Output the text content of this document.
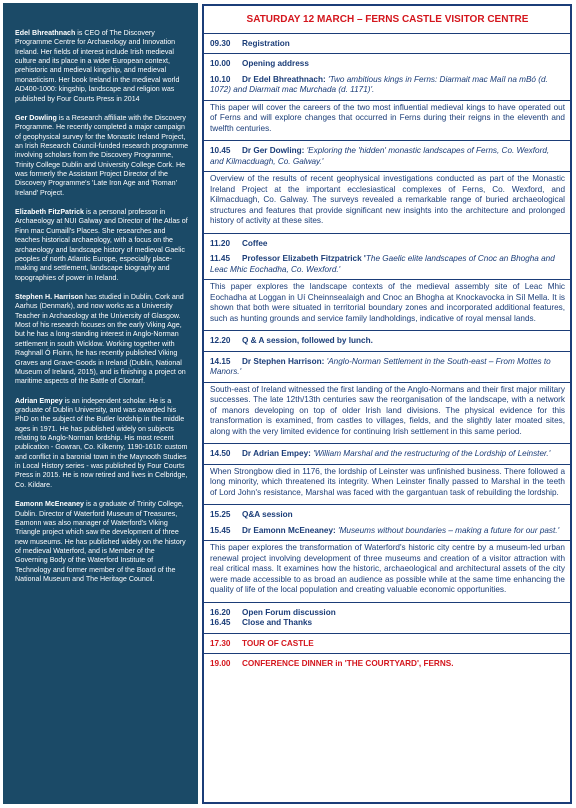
Edel Bhreathnach is CEO of The Discovery Programme Centre for Archaeology and Innovation Ireland. Her fields of interest include Irish medieval culture and its place in a wider European context, prehistoric and medieval kingship, and medieval monasticism. Her book Ireland in the medieval world AD400-1000: kingship, landscape and religion was published by Four Courts Press in 2014
Ger Dowling is a Research affiliate with the Discovery Programme. He recently completed a major campaign of geophysical survey for the Monastic Ireland Project, an Irish Research Council-funded research programme involving scholars from the Discovery Programme, Trinity College Dublin and University College Cork. He was formerly the Assistant Project Director of the Discovery Programme's 'Late Iron Age and 'Roman' Ireland' Project.
Elizabeth FitzPatrick is a personal professor in Archaeology at NUI Galway and Director of the Atlas of Finn mac Cumaill's Places. She researches and teaches historical archaeology, with a focus on the archaeology and landscape history of medieval Gaelic peoples of north Atlantic Europe, especially place-making and settlement, landscape biography and topographies of power in Ireland.
Stephen H. Harrison has studied in Dublin, Cork and Aarhus (Denmark), and now works as a University Teacher in Archaeology at the University of Glasgow. Most of his research focuses on the early Viking Age, but he has a long-standing interest in Anglo-Norman settlement in south Wicklow. Working together with Raghnall Ó Floinn, he has recently published Viking Graves and Grave-Goods in Ireland (Dublin, National Museum of Ireland, 2015), and is finishing a project on maritime aspects of the Battle of Clontarf.
Adrian Empey is an independent scholar. He is a graduate of Dublin University, and was awarded his PhD on the subject of the Butler lordship in the middle ages in 1971. He has published widely on subjects relating to Anglo-Norman lordship. His most recent publication - Gowran, Co. Kilkenny, 1190-1610: custom and conflict in a baronial town in the Maynooth Studies in Local History series - was published by Four Courts Press in 2015. He is now retired and lives in Celbridge, Co. Kildare.
Eamonn McEneaney is a graduate of Trinity College, Dublin. Director of Waterford Museum of Treasures, Eamonn was also manager of Waterford's Viking Triangle project which saw the development of three new museums. He has published widely on the history of medieval Waterford, and is Member of the Governing Body of the Waterford Institute of Technology and former member of the Board of the National Museum and The Heritage Council.
SATURDAY 12 MARCH – FERNS CASTLE VISITOR CENTRE
09.30 Registration
10.00 Opening address
10.10 Dr Edel Bhreathnach: 'Two ambitious kings in Ferns: Diarmait mac Maíl na mBó (d. 1072) and Diarmait mac Murchada (d. 1171)'.
This paper will cover the careers of the two most influential medieval kings to have operated out of Ferns and will explore changes that occurred in Ferns during their reigns in the eleventh and twelfth centuries.
10.45 Dr Ger Dowling: 'Exploring the 'hidden' monastic landscapes of Ferns, Co. Wexford, and Kilmacduagh, Co. Galway.'
Overview of the results of recent geophysical investigations conducted as part of the Monastic Ireland Project at the important ecclesiastical complexes of Ferns, Co. Wexford, and Kilmacduagh, Co. Galway. The surveys revealed a remarkable range of buried archaeological structures and features that provide significant new insights into the architecture and prolonged history of activity at these sites.
11.20 Coffee
11.45 Professor Elizabeth Fitzpatrick 'The Gaelic elite landscapes of Cnoc an Bhogha and Leac Mhic Eochadha, Co. Wexford.'
This paper explores the landscape contexts of the medieval assembly site of Leac Mhic Eochadha at Loggan in Uí Cheinnsealaigh and Cnoc an Bhogha at Knockavocka in Síl Mella. It is shown that both were situated in territorial boundary zones and incorporated additional features, such as hunting grounds and service family landholdings, indicative of royal mensal lands.
12.20 Q & A session, followed by lunch.
14.15 Dr Stephen Harrison: 'Anglo-Norman Settlement in the South-east – From Mottes to Manors.'
South-east of Ireland witnessed the first landing of the Anglo-Normans and their first major military successes. The late 12th/13th centuries saw the reorganisation of the landscape, with a network of manors developing on top of older Irish land divisions. The physical evidence for this transformation is examined, from castles to villages, fields, and the slightly later moated sites, along with the very limited evidence for continuing Irish settlement in this same period.
14.50 Dr Adrian Empey: 'William Marshal and the restructuring of the Lordship of Leinster.'
When Strongbow died in 1176, the lordship of Leinster was unfinished business. There followed a long minority, which threatened its integrity. When Leinster finally passed to Marshal in the teeth of Lord John's resistance, Marshal was faced with the gargantuan task of rebuilding the lordship.
15.25 Q&A session
15.45 Dr Eamonn McEneaney: 'Museums without boundaries – making a future for our past.'
This paper explores the transformation of Waterford's historic city centre by a museum-led urban renewal project involving development of three museums and creation of a visitor attraction with real critical mass. It examines how the historic, archaeological and architectural assets of the city were made accessible to as broad an audience as possible while at the same time enhancing the quality of life of the local population and creating valuable economic opportunities.
16.20 Open Forum discussion
16.45 Close and Thanks
17.30 TOUR OF CASTLE
19.00 CONFERENCE DINNER in 'THE COURTYARD', FERNS.
